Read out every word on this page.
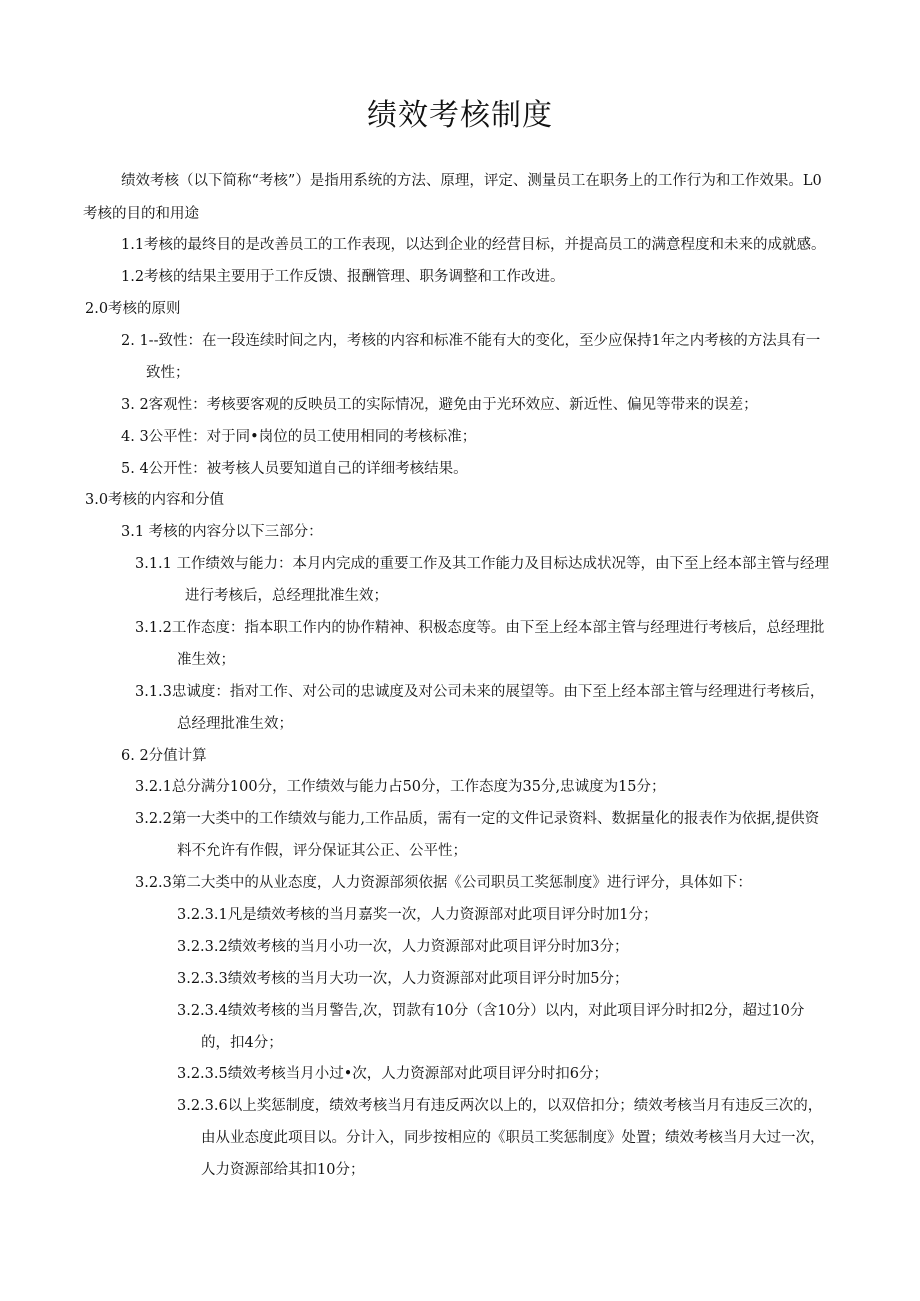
绩效考核制度
绩效考核（以下简称“考核”）是指用系统的方法、原理，评定、测量员工在职务上的工作行为和工作效果。L0
考核的目的和用途
1.1考核的最终目的是改善员工的工作表现，以达到企业的经营目标，并提高员工的满意程度和未来的成就感。
1.2考核的结果主要用于工作反馈、报酬管理、职务调整和工作改进。
2.0考核的原则
2. 1--致性：在一段连续时间之内，考核的内容和标准不能有大的变化，至少应保持1年之内考核的方法具有一
致性；
3. 2客观性：考核要客观的反映员工的实际情况，避免由于光环效应、新近性、偏见等带来的误差；
4. 3公平性：对于同•岗位的员工使用相同的考核标准；
5. 4公开性：被考核人员要知道自己的详细考核结果。
3.0考核的内容和分值
3.1 考核的内容分以下三部分：
3.1.1 工作绩效与能力：本月内完成的重要工作及其工作能力及目标达成状况等，由下至上经本部主管与经理
进行考核后，总经理批准生效；
3.1.2工作态度：指本职工作内的协作精神、积极态度等。由下至上经本部主管与经理进行考核后，总经理批
准生效；
3.1.3忠诚度：指对工作、对公司的忠诚度及对公司未来的展望等。由下至上经本部主管与经理进行考核后，
总经理批准生效；
6. 2分值计算
3.2.1总分满分100分，工作绩效与能力占50分，工作态度为35分,忠诚度为15分；
3.2.2第一大类中的工作绩效与能力,工作品质，需有一定的文件记录资料、数据量化的报表作为依据,提供资
料不允许有作假，评分保证其公正、公平性；
3.2.3第二大类中的从业态度，人力资源部须依据《公司职员工奖惩制度》进行评分，具体如下：
3.2.3.1凡是绩效考核的当月嘉奖一次，人力资源部对此项目评分时加1分；
3.2.3.2绩效考核的当月小功一次，人力资源部对此项目评分时加3分；
3.2.3.3绩效考核的当月大功一次，人力资源部对此项目评分时加5分；
3.2.3.4绩效考核的当月警告,次，罚款有10分（含10分）以内，对此项目评分时扣2分，超过10分
的，扣4分；
3.2.3.5绩效考核当月小过•次，人力资源部对此项目评分时扣6分；
3.2.3.6以上奖惩制度，绩效考核当月有违反两次以上的，以双倍扣分；绩效考核当月有违反三次的，
由从业态度此项目以。分计入，同步按相应的《职员工奖惩制度》处置；绩效考核当月大过一次，
人力资源部给其扣10分；
